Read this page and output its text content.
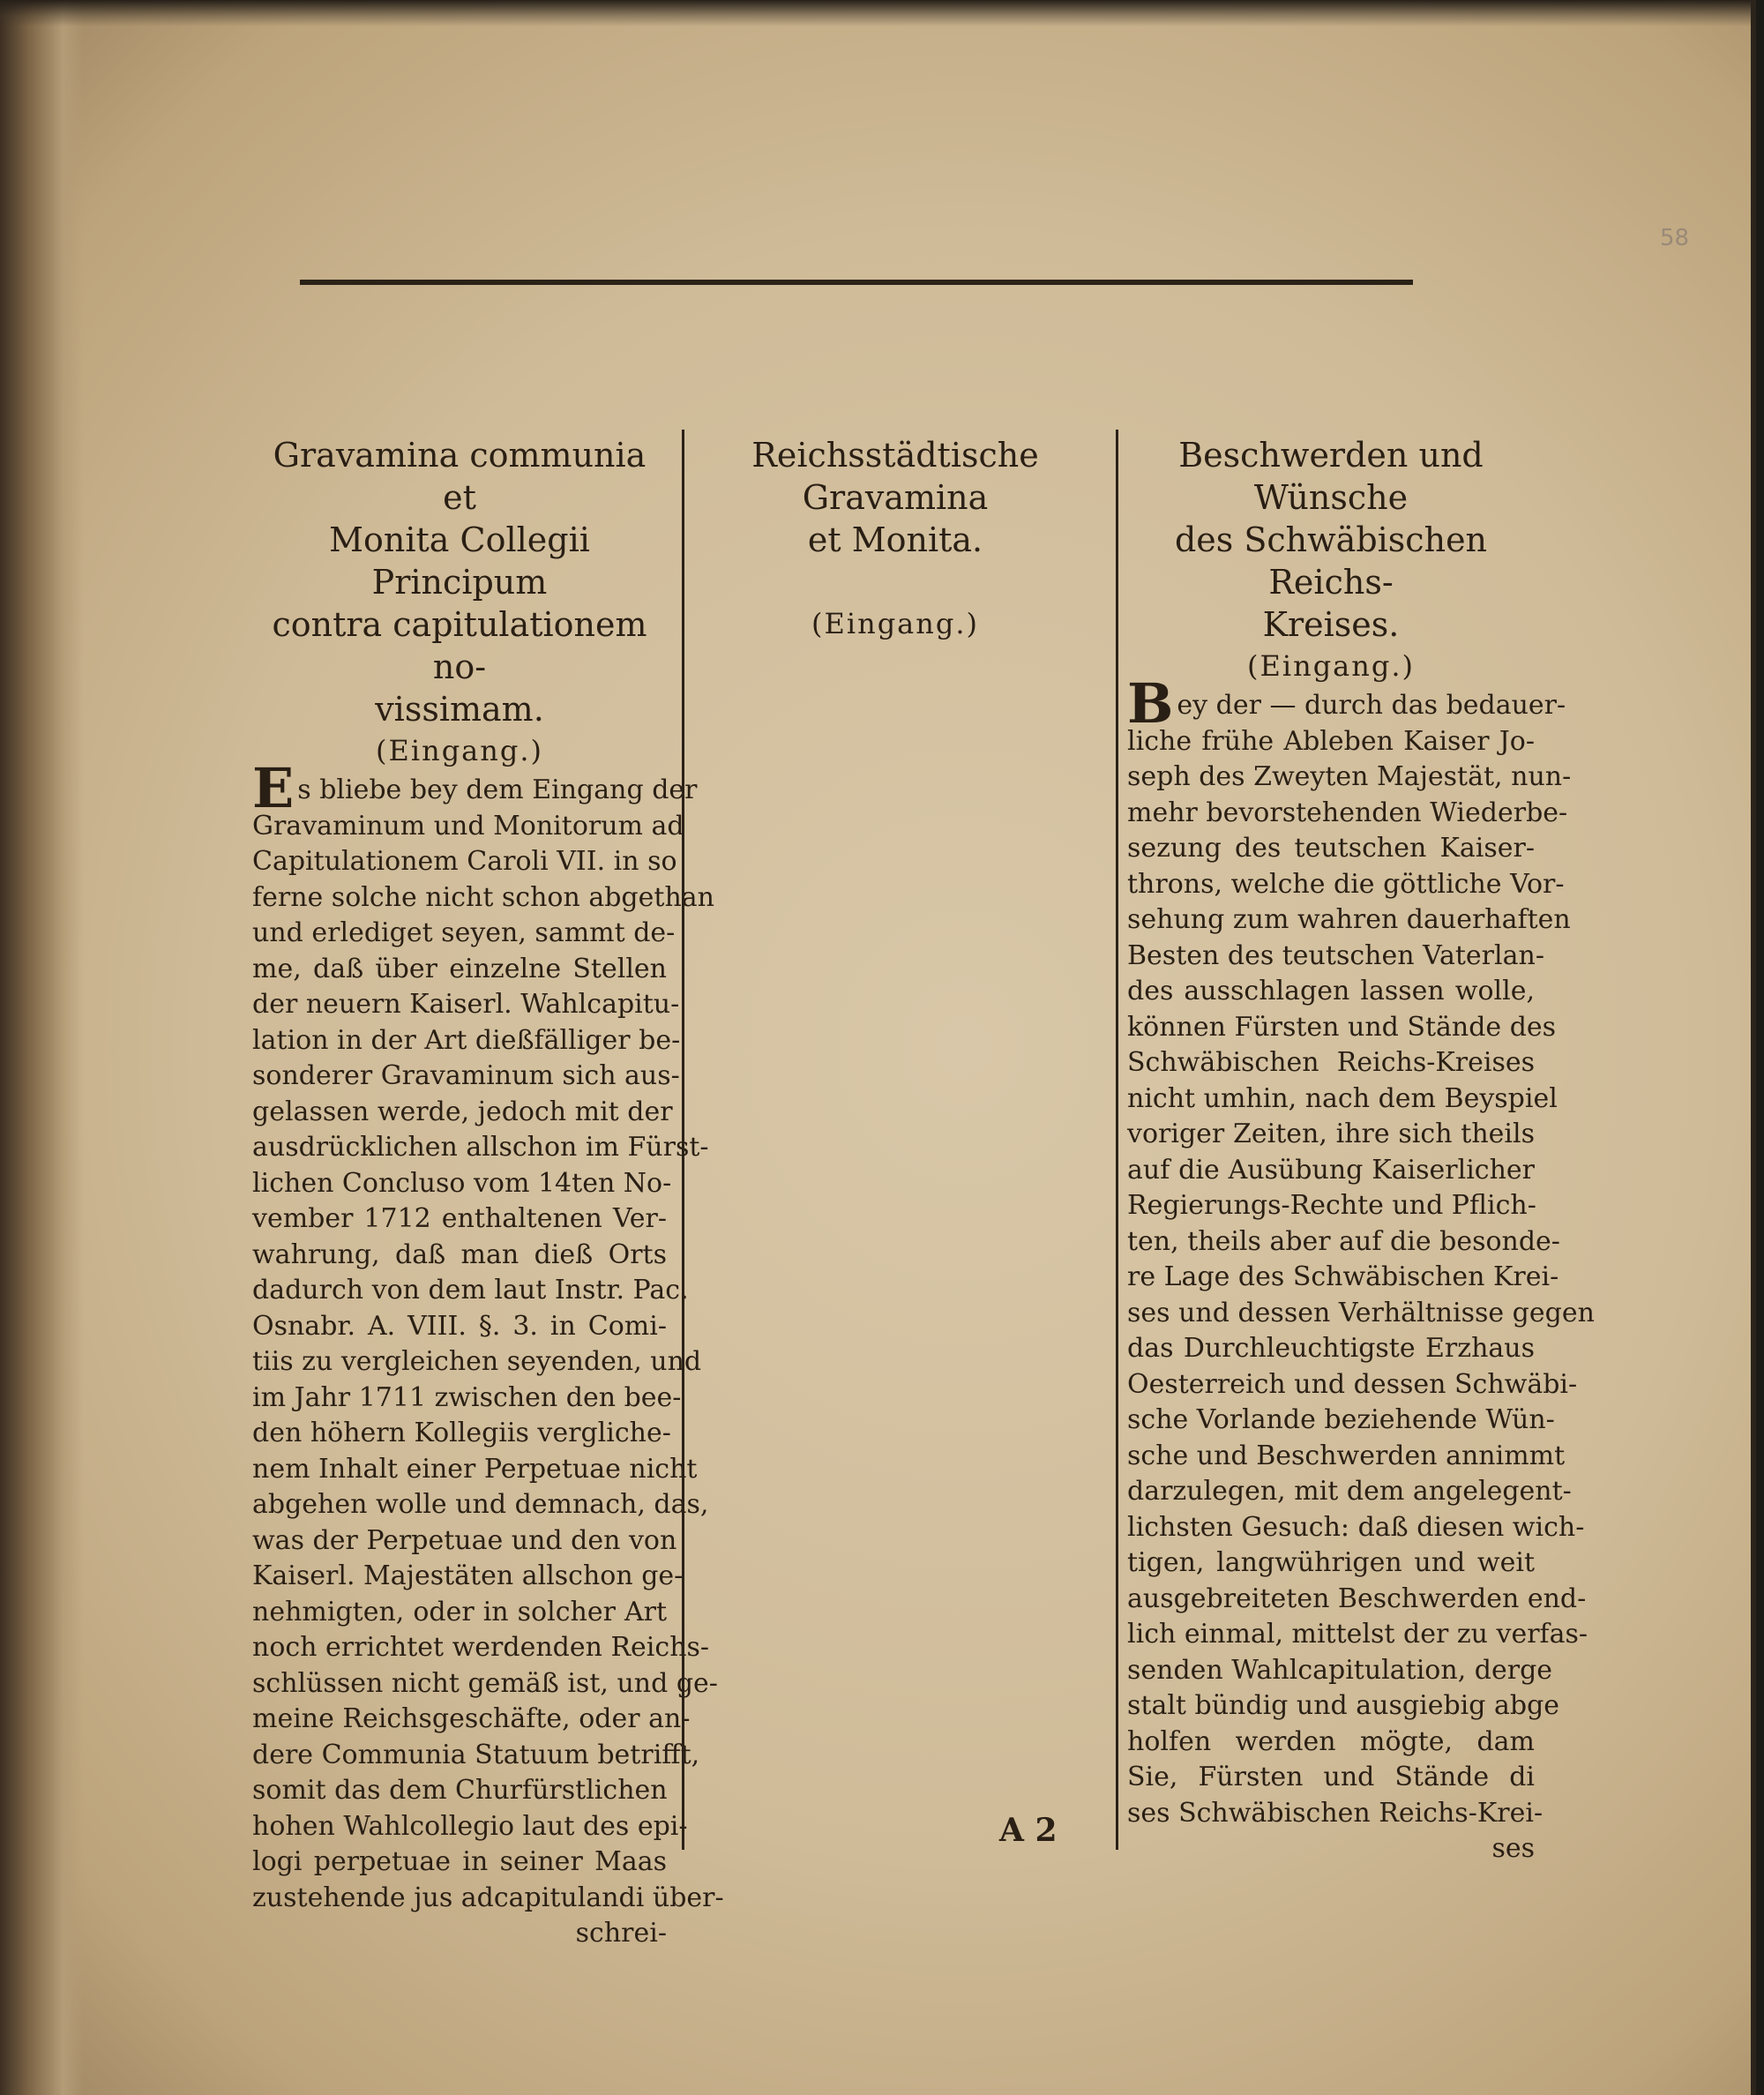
58

Gravamina communia et

Monita Collegii Principum

contra capitulationem no-

vissimam.

(Eingang.)

Es bliebe bey dem Eingang der

Gravaminum und Monitorum ad

Capitulationem Caroli VII. in so

ferne solche nicht schon abgethan

und erlediget seyen, sammt de-

me, daß über einzelne Stellen

der neuern Kaiserl. Wahlcapitu-

lation in der Art dießfälliger be-

sonderer Gravaminum sich aus-

gelassen werde, jedoch mit der

ausdrücklichen allschon im Fürst-

lichen Concluso vom 14ten No-

vember 1712 enthaltenen Ver-

wahrung, daß man dieß Orts

dadurch von dem laut Instr. Pac.

Osnabr. A. VIII. §. 3. in Comi-

tiis zu vergleichen seyenden, und

im Jahr 1711 zwischen den bee-

den höhern Kollegiis vergliche-

nem Inhalt einer Perpetuae nicht

abgehen wolle und demnach, das,

was der Perpetuae und den von

Kaiserl. Majestäten allschon ge-

nehmigten, oder in solcher Art

noch errichtet werdenden Reichs-

schlüssen nicht gemäß ist, und ge-

meine Reichsgeschäfte, oder an-

dere Communia Statuum betrifft,

somit das dem Churfürstlichen

hohen Wahlcollegio laut des epi-

logi perpetuae in seiner Maas

zustehende jus adcapitulandi über-

schrei-

Reichsstädtische Gravamina

et Monita.

(Eingang.)

Beschwerden und Wünsche

des Schwäbischen Reichs-

Kreises.

(Eingang.)

Bey der — durch das bedauer-

liche frühe Ableben Kaiser Jo-

seph des Zweyten Majestät, nun-

mehr bevorstehenden Wiederbe-

sezung des teutschen Kaiser-

throns, welche die göttliche Vor-

sehung zum wahren dauerhaften

Besten des teutschen Vaterlan-

des ausschlagen lassen wolle,

können Fürsten und Stände des

Schwäbischen Reichs-Kreises

nicht umhin, nach dem Beyspiel

voriger Zeiten, ihre sich theils

auf die Ausübung Kaiserlicher

Regierungs-Rechte und Pflich-

ten, theils aber auf die besonde-

re Lage des Schwäbischen Krei-

ses und dessen Verhältnisse gegen

das Durchleuchtigste Erzhaus

Oesterreich und dessen Schwäbi-

sche Vorlande beziehende Wün-

sche und Beschwerden annimmt

darzulegen, mit dem angelegent-

lichsten Gesuch: daß diesen wich-

tigen, langwührigen und weit

ausgebreiteten Beschwerden end-

lich einmal, mittelst der zu verfas-

senden Wahlcapitulation, derge

stalt bündig und ausgiebig abge

holfen werden mögte, dam

Sie, Fürsten und Stände di

ses Schwäbischen Reichs-Krei-

ses

A 2
